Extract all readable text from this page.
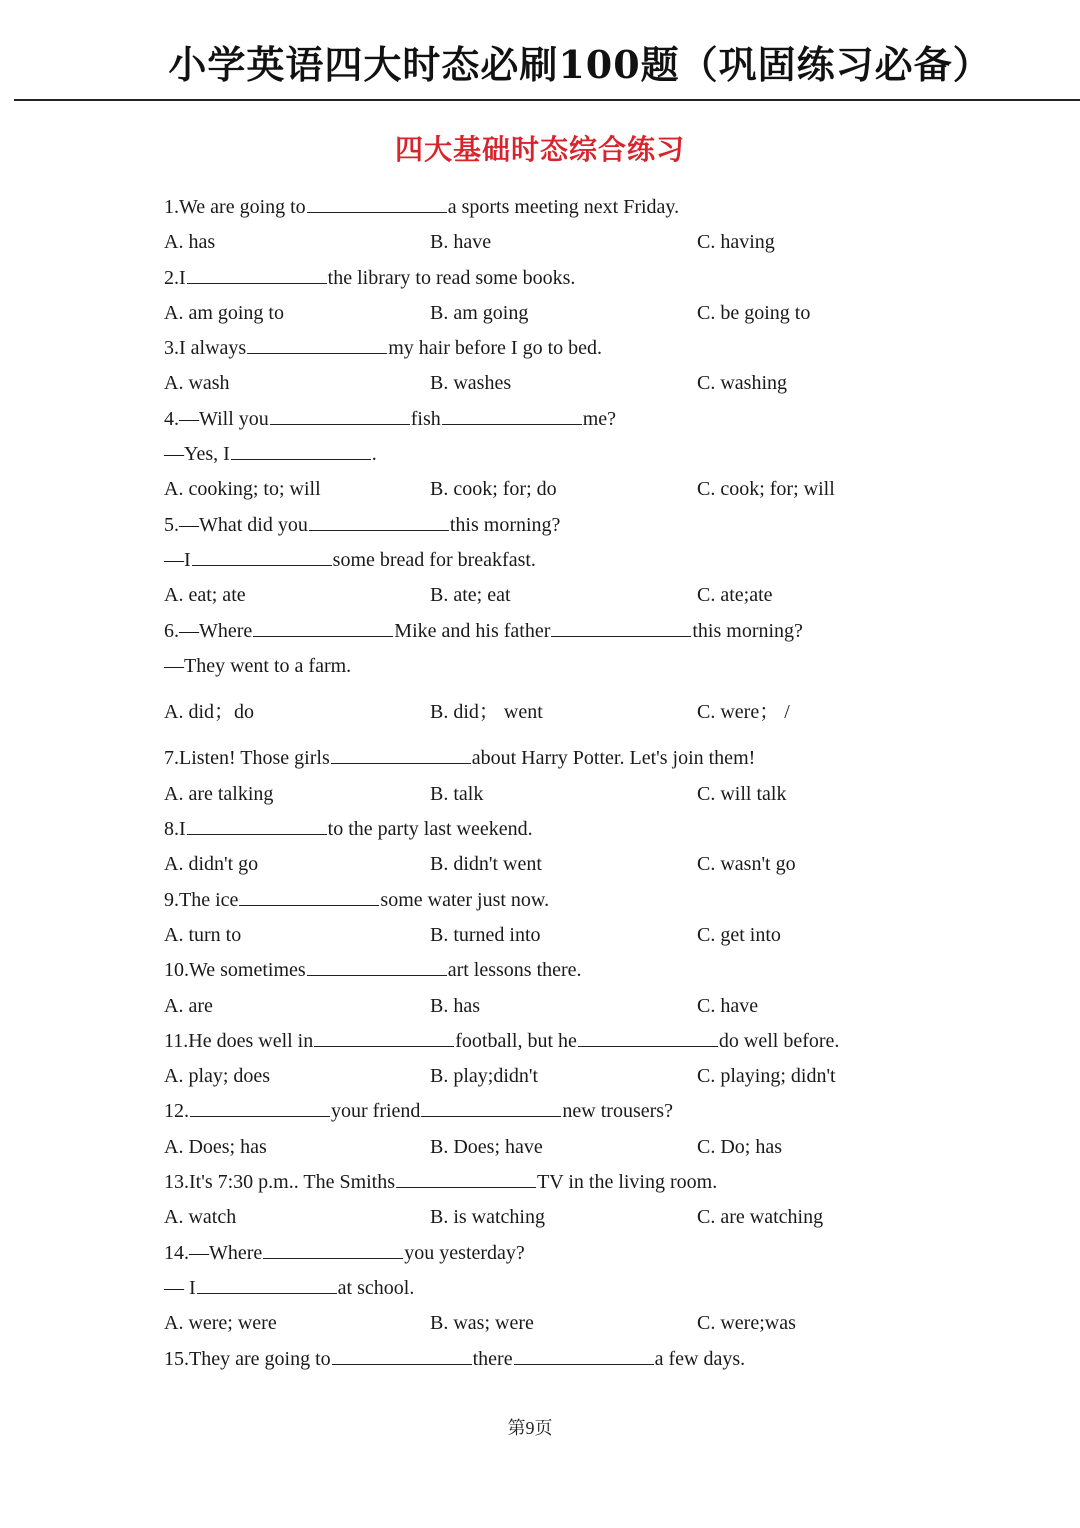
小学英语四大时态必刷100题（巩固练习必备）
四大基础时态综合练习
1.We are going to	a sports meeting next Friday.
A. has	B. have	C. having
2.I	the library to read some books.
A. am going to	B. am going	C. be going to
3.I always	my hair before I go to bed.
A. wash	B. washes	C. washing
4.—Will you	fish	me?
—Yes, I	.
A. cooking; to; will	B. cook; for; do	C. cook; for; will
5.—What did you	this morning?
—I	some bread for breakfast.
A. eat; ate	B. ate; eat	C. ate;ate
6.—Where	Mike and his father	this morning?
—They went to a farm.
A. did；do	B. did； went	C. were； /
7.Listen! Those girls	about Harry Potter. Let's join them!
A. are talking	B. talk	C. will talk
8.I	to the party last weekend.
A. didn't go	B. didn't went	C. wasn't go
9.The ice	some water just now.
A. turn to	B. turned into	C. get into
10.We sometimes	art lessons there.
A. are	B. has	C. have
11.He does well in	football, but he	do well before.
A. play; does	B. play;didn't	C. playing; didn't
12.	your friend	new trousers?
A. Does; has	B. Does; have	C. Do; has
13.It's 7:30 p.m.. The Smiths	TV in the living room.
A. watch	B. is watching	C. are watching
14.—Where	you yesterday?
— I	at school.
A. were; were	B. was; were	C. were;was
15.They are going to	there	a few days.
第9页
